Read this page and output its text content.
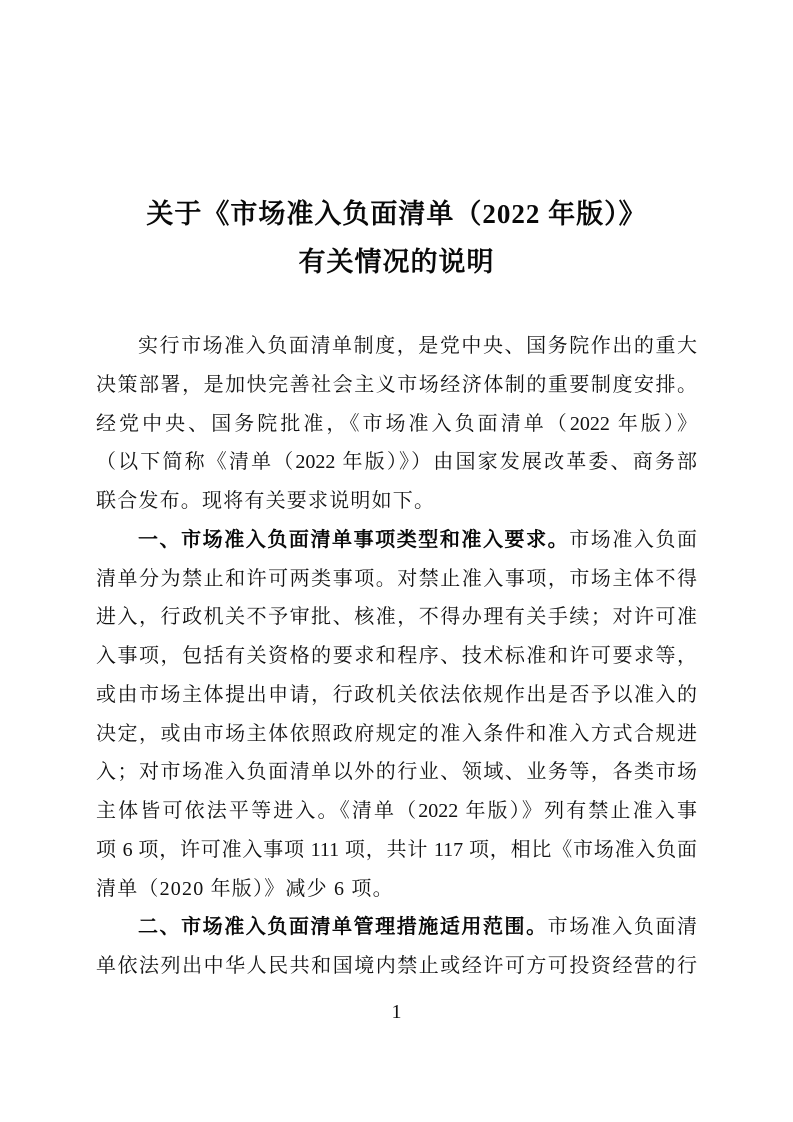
关于《市场准入负面清单（2022 年版）》
有关情况的说明
实行市场准入负面清单制度，是党中央、国务院作出的重大
决策部署，是加快完善社会主义市场经济体制的重要制度安排。
经党中央、国务院批准，《市场准入负面清单（2022 年版）》
（以下简称《清单（2022 年版）》）由国家发展改革委、商务部
联合发布。现将有关要求说明如下。
一、市场准入负面清单事项类型和准入要求。市场准入负面
清单分为禁止和许可两类事项。对禁止准入事项，市场主体不得
进入，行政机关不予审批、核准，不得办理有关手续；对许可准
入事项，包括有关资格的要求和程序、技术标准和许可要求等，
或由市场主体提出申请，行政机关依法依规作出是否予以准入的
决定，或由市场主体依照政府规定的准入条件和准入方式合规进
入；对市场准入负面清单以外的行业、领域、业务等，各类市场
主体皆可依法平等进入。《清单（2022 年版）》列有禁止准入事
项 6 项，许可准入事项 111 项，共计 117 项，相比《市场准入负面
清单（2020 年版）》减少 6 项。
二、市场准入负面清单管理措施适用范围。市场准入负面清
单依法列出中华人民共和国境内禁止或经许可方可投资经营的行
1
